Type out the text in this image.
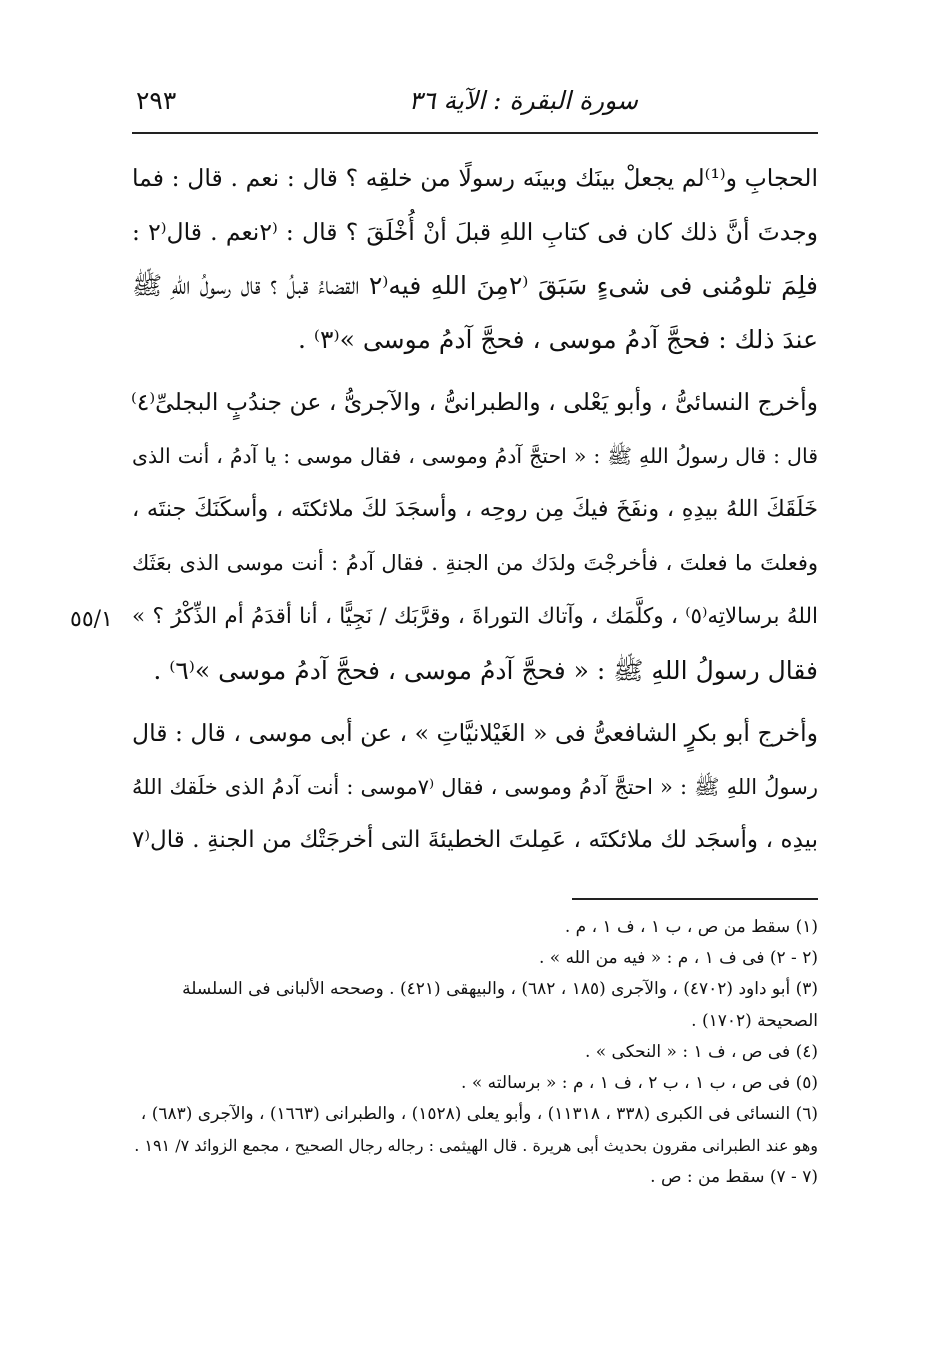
سورة البقرة : الآية ٣٦
٢٩٣
٥٥/١
الحجابِ و⁽¹⁾لم يجعلْ بينَك وبينَه رسولًا من خلقِه ؟ قال : نعم . قال : فما
وجدتَ أنَّ ذلك كان فى كتابِ اللهِ قبلَ أنْ أُخْلَقَ ؟ قال : ⁽٢نعم . قال⁽٢ :
فلِمَ تلومُنى فى شىءٍ سَبَقَ ⁽٢مِنَ اللهِ فيه⁽٢ القضاءُ قبلُ ؟ قال رسولُ اللهِ ﷺ
عندَ ذلك : فحجَّ آدمُ موسى ، فحجَّ آدمُ موسى »⁽٣⁾ .
وأخرج النسائىُّ ، وأبو يَعْلى ، والطبرانىُّ ، والآجرىُّ ، عن جندُبٍ البجلىِّ⁽٤⁾
قال : قال رسولُ اللهِ ﷺ : « احتجَّ آدمُ وموسى ، فقال موسى : يا آدمُ ، أنت الذى
خَلَقَكَ اللهُ بيدِهِ ، ونفَخَ فيكَ مِن روحِه ، وأسجَدَ لكَ ملائكتَه ، وأسكَنَكَ جنتَه ،
وفعلتَ ما فعلتَ ، فأخرجْتَ ولدَك من الجنةِ . فقال آدمُ : أنت موسى الذى بعَثَك
اللهُ برسالاتِه⁽٥⁾ ، وكلَّمَك ، وآتاك التوراةَ ، وقرَّبَك / نَجِيًّا ، أنا أقدَمُ أم الذِّكْرُ ؟ »
فقال رسولُ اللهِ ﷺ : « فحجَّ آدمُ موسى ، فحجَّ آدمُ موسى »⁽٦⁾ .
وأخرج أبو بكرٍ الشافعىُّ فى « الغَيْلانيَّاتِ » ، عن أبى موسى ، قال : قال
رسولُ اللهِ ﷺ : « احتجَّ آدمُ وموسى ، فقال ⁽٧موسى : أنت آدمُ الذى خلَقك اللهُ
بيدِه ، وأسجَد لك ملائكتَه ، عَمِلتَ الخطيئةَ التى أخرجَتْك من الجنةِ . قال⁽٧
(١) سقط من ص ، ب ١ ، ف ١ ، م .
(٢ - ٢) فى ف ١ ، م : « فيه من الله » .
(٣) أبو داود (٤٧٠٢) ، والآجرى (١٨٥ ، ٦٨٢) ، والبيهقى (٤٢١) . وصححه الألبانى فى السلسلة
الصحيحة (١٧٠٢) .
(٤) فى ص ، ف ١ : « النحكى » .
(٥) فى ص ، ب ١ ، ب ٢ ، ف ١ ، م : « برسالته » .
(٦) النسائى فى الكبرى (٣٣٨ ، ١١٣١٨) ، وأبو يعلى (١٥٢٨) ، والطبرانى (١٦٦٣) ، والآجرى (٦٨٣) ،
وهو عند الطبرانى مقرون بحديث أبى هريرة . قال الهيثمى : رجاله رجال الصحيح ، مجمع الزوائد ٧/ ١٩١ .
(٧ - ٧) سقط من : ص .
